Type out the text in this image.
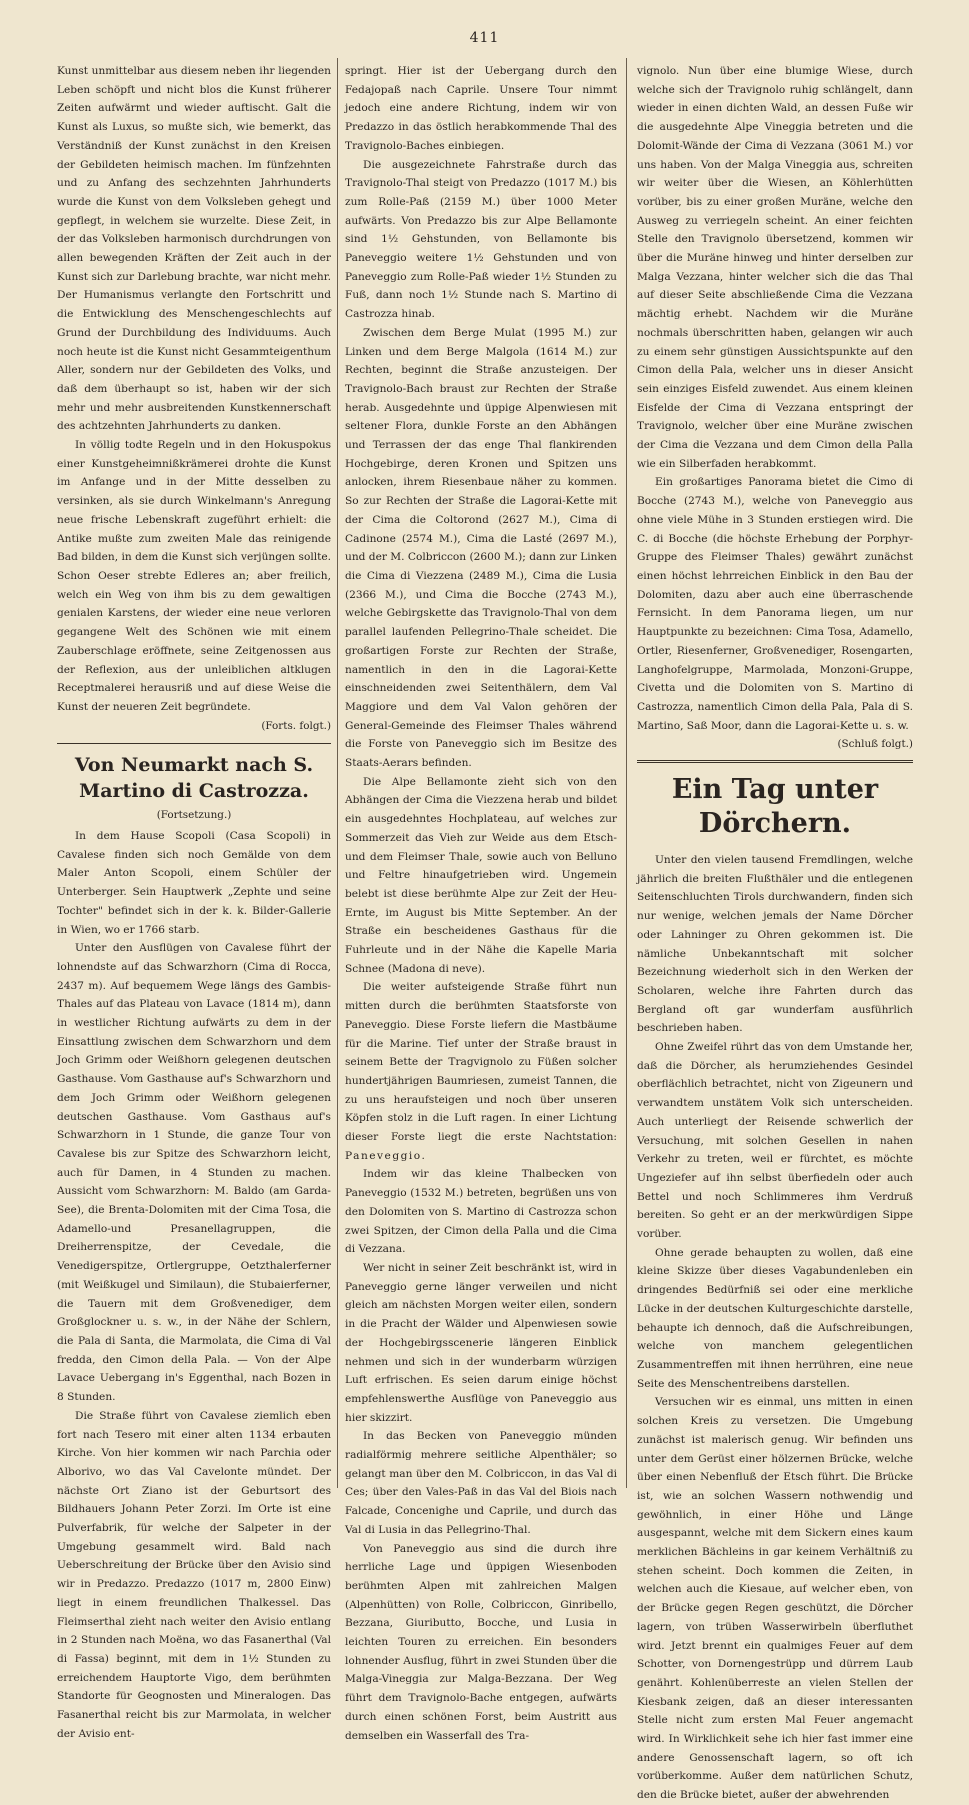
411

Kunst unmittelbar aus diesem neben ihr liegenden Leben schöpft und nicht blos die Kunst früherer Zeiten aufwärmt und wieder auftischt. Galt die Kunst als Luxus, so mußte sich, wie bemerkt, das Verständniß der Kunst zunächst in den Kreisen der Gebildeten heimisch machen. Im fünfzehnten und zu Anfang des sechzehnten Jahrhunderts wurde die Kunst von dem Volksleben gehegt und gepflegt, in welchem sie wurzelte. Diese Zeit, in der das Volksleben harmonisch durchdrungen von allen bewegenden Kräften der Zeit auch in der Kunst sich zur Darlebung brachte, war nicht mehr. Der Humanismus verlangte den Fortschritt und die Entwicklung des Menschengeschlechts auf Grund der Durchbildung des Individuums. Auch noch heute ist die Kunst nicht Gesammteigenthum Aller, sondern nur der Gebildeten des Volks, und daß dem überhaupt so ist, haben wir der sich mehr und mehr ausbreitenden Kunstkennerschaft des achtzehnten Jahrhunderts zu danken.

In völlig todte Regeln und in den Hokuspokus einer Kunstgeheimnißkrämerei drohte die Kunst im Anfange und in der Mitte desselben zu versinken, als sie durch Winkelmann's Anregung neue frische Lebenskraft zugeführt erhielt: die Antike mußte zum zweiten Male das reinigende Bad bilden, in dem die Kunst sich verjüngen sollte. Schon Oeser strebte Edleres an; aber freilich, welch ein Weg von ihm bis zu dem gewaltigen genialen Karstens, der wieder eine neue verloren gegangene Welt des Schönen wie mit einem Zauberschlage eröffnete, seine Zeitgenossen aus der Reflexion, aus der unleiblichen altklugen Receptmalerei herausriß und auf diese Weise die Kunst der neueren Zeit begründete.

(Forts. folgt.)
Von Neumarkt nach S. Martino di Castrozza.
(Fortsetzung.)

In dem Hause Scopoli (Casa Scopoli) in Cavalese finden sich noch Gemälde von dem Maler Anton Scopoli, einem Schüler der Unterberger. Sein Hauptwerk „Zephte und seine Tochter" befindet sich in der k. k. Bilder-Gallerie in Wien, wo er 1766 starb.

Unter den Ausflügen von Cavalese führt der lohnendste auf das Schwarzhorn (Cima di Rocca, 2437 m). Auf bequemem Wege längs des Gambis-Thales auf das Plateau von Lavace (1814 m), dann in westlicher Richtung aufwärts zu dem in der Einsattlung zwischen dem Schwarzhorn und dem Joch Grimm oder Weißhorn gelegenen deutschen Gasthause. Vom Gasthause auf's Schwarzhorn und dem Joch Grimm oder Weißhorn gelegenen deutschen Gasthause. Vom Gasthaus auf's Schwarzhorn in 1 Stunde, die ganze Tour von Cavalese bis zur Spitze des Schwarzhorn leicht, auch für Damen, in 4 Stunden zu machen. Aussicht vom Schwarzhorn: M. Baldo (am Garda-See), die Brenta-Dolomiten mit der Cima Tosa, die Adamello-und Presanellagruppen, die Dreiherrenspitze, der Cevedale, die Venedigerspitze, Ortlergruppe, Oetzthalerferner (mit Weißkugel und Similaun), die Stubaierferner, die Tauern mit dem Großvenediger, dem Großglockner u. s. w., in der Nähe der Schlern, die Pala di Santa, die Marmolata, die Cima di Val fredda, den Cimon della Pala. — Von der Alpe Lavace Uebergang in's Eggenthal, nach Bozen in 8 Stunden.

Die Straße führt von Cavalese ziemlich eben fort nach Tesero mit einer alten 1134 erbauten Kirche. Von hier kommen wir nach Parchia oder Alborivo, wo das Val Cavelonte mündet. Der nächste Ort Ziano ist der Geburtsort des Bildhauers Johann Peter Zorzi. Im Orte ist eine Pulverfabrik, für welche der Salpeter in der Umgebung gesammelt wird. Bald nach Ueberschreitung der Brücke über den Avisio sind wir in Predazzo. Predazzo (1017 m, 2800 Einw) liegt in einem freundlichen Thalkessel. Das Fleimserthal zieht nach weiter den Avisio entlang in 2 Stunden nach Moëna, wo das Fasanerthal (Val di Fassa) beginnt, mit dem in 1½ Stunden zu erreichendem Hauptorte Vigo, dem berühmten Standorte für Geognosten und Mineralogen. Das Fasanerthal reicht bis zur Marmolata, in welcher der Avisio ent-

springt. Hier ist der Uebergang durch den Fedajopaß nach Caprile. Unsere Tour nimmt jedoch eine andere Richtung, indem wir von Predazzo in das östlich herabkommende Thal des Travignolo-Baches einbiegen.

Die ausgezeichnete Fahrstraße durch das Travignolo-Thal steigt von Predazzo (1017 M.) bis zum Rolle-Paß (2159 M.) über 1000 Meter aufwärts. Von Predazzo bis zur Alpe Bellamonte sind 1½ Gehstunden, von Bellamonte bis Paneveggio weitere 1½ Gehstunden und von Paneveggio zum Rolle-Paß wieder 1½ Stunden zu Fuß, dann noch 1½ Stunde nach S. Martino di Castrozza hinab.

Zwischen dem Berge Mulat (1995 M.) zur Linken und dem Berge Malgola (1614 M.) zur Rechten, beginnt die Straße anzusteigen. Der Travignolo-Bach braust zur Rechten der Straße herab. Ausgedehnte und üppige Alpenwiesen mit seltener Flora, dunkle Forste an den Abhängen und Terrassen der das enge Thal flankirenden Hochgebirge, deren Kronen und Spitzen uns anlocken, ihrem Riesenbaue näher zu kommen. So zur Rechten der Straße die Lagorai-Kette mit der Cima die Coltorond (2627 M.), Cima di Cadinone (2574 M.), Cima die Lasté (2697 M.), und der M. Colbriccon (2600 M.); dann zur Linken die Cima di Viezzena (2489 M.), Cima die Lusia (2366 M.), und Cima die Bocche (2743 M.), welche Gebirgskette das Travignolo-Thal von dem parallel laufenden Pellegrino-Thale scheidet. Die großartigen Forste zur Rechten der Straße, namentlich in den in die Lagorai-Kette einschneidenden zwei Seitenthälern, dem Val Maggiore und dem Val Valon gehören der General-Gemeinde des Fleimser Thales während die Forste von Paneveggio sich im Besitze des Staats-Aerars befinden.

Die Alpe Bellamonte zieht sich von den Abhängen der Cima die Viezzena herab und bildet ein ausgedehntes Hochplateau, auf welches zur Sommerzeit das Vieh zur Weide aus dem Etsch- und dem Fleimser Thale, sowie auch von Belluno und Feltre hinaufgetrieben wird. Ungemein belebt ist diese berühmte Alpe zur Zeit der Heu-Ernte, im August bis Mitte September. An der Straße ein bescheidenes Gasthaus für die Fuhrleute und in der Nähe die Kapelle Maria Schnee (Madona di neve).

Die weiter aufsteigende Straße führt nun mitten durch die berühmten Staatsforste von Paneveggio. Diese Forste liefern die Mastbäume für die Marine. Tief unter der Straße braust in seinem Bette der Tragvignolo zu Füßen solcher hundertjährigen Baumriesen, zumeist Tannen, die zu uns heraufsteigen und noch über unseren Köpfen stolz in die Luft ragen. In einer Lichtung dieser Forste liegt die erste Nachtstation: Paneveggio.

Indem wir das kleine Thalbecken von Paneveggio (1532 M.) betreten, begrüßen uns von den Dolomiten von S. Martino di Castrozza schon zwei Spitzen, der Cimon della Palla und die Cima di Vezzana.

Wer nicht in seiner Zeit beschränkt ist, wird in Paneveggio gerne länger verweilen und nicht gleich am nächsten Morgen weiter eilen, sondern in die Pracht der Wälder und Alpenwiesen sowie der Hochgebirgsscenerie längeren Einblick nehmen und sich in der wunderbarm würzigen Luft erfrischen. Es seien darum einige höchst empfehlenswerthe Ausflüge von Paneveggio aus hier skizzirt.

In das Becken von Paneveggio münden radialförmig mehrere seitliche Alpenthäler; so gelangt man über den M. Colbriccon, in das Val di Ces; über den Vales-Paß in das Val del Biois nach Falcade, Concenighe und Caprile, und durch das Val di Lusia in das Pellegrino-Thal.

Von Paneveggio aus sind die durch ihre herrliche Lage und üppigen Wiesenboden berühmten Alpen mit zahlreichen Malgen (Alpenhütten) von Rolle, Colbriccon, Ginribello, Bezzana, Giuributto, Bocche, und Lusia in leichten Touren zu erreichen. Ein besonders lohnender Ausflug, führt in zwei Stunden über die Malga-Vineggia zur Malga-Bezzana. Der Weg führt dem Travignolo-Bache entgegen, aufwärts durch einen schönen Forst, beim Austritt aus demselben ein Wasserfall des Tra-

vignolo. Nun über eine blumige Wiese, durch welche sich der Travignolo ruhig schlängelt, dann wieder in einen dichten Wald, an dessen Fuße wir die ausgedehnte Alpe Vineggia betreten und die Dolomit-Wände der Cima di Vezzana (3061 M.) vor uns haben. Von der Malga Vineggia aus, schreiten wir weiter über die Wiesen, an Köhlerhütten vorüber, bis zu einer großen Muräne, welche den Ausweg zu verriegeln scheint. An einer feichten Stelle den Travignolo übersetzend, kommen wir über die Muräne hinweg und hinter derselben zur Malga Vezzana, hinter welcher sich die das Thal auf dieser Seite abschließende Cima die Vezzana mächtig erhebt. Nachdem wir die Muräne nochmals überschritten haben, gelangen wir auch zu einem sehr günstigen Aussichtspunkte auf den Cimon della Pala, welcher uns in dieser Ansicht sein einziges Eisfeld zuwendet. Aus einem kleinen Eisfelde der Cima di Vezzana entspringt der Travignolo, welcher über eine Muräne zwischen der Cima die Vezzana und dem Cimon della Palla wie ein Silberfaden herabkommt.

Ein großartiges Panorama bietet die Cimo di Bocche (2743 M.), welche von Paneveggio aus ohne viele Mühe in 3 Stunden erstiegen wird. Die C. di Bocche (die höchste Erhebung der Porphyr-Gruppe des Fleimser Thales) gewährt zunächst einen höchst lehrreichen Einblick in den Bau der Dolomiten, dazu aber auch eine überraschende Fernsicht. In dem Panorama liegen, um nur Hauptpunkte zu bezeichnen: Cima Tosa, Adamello, Ortler, Riesenferner, Großvenediger, Rosengarten, Langhofelgruppe, Marmolada, Monzoni-Gruppe, Civetta und die Dolomiten von S. Martino di Castrozza, namentlich Cimon della Pala, Pala di S. Martino, Saß Moor, dann die Lagorai-Kette u. s. w.

(Schluß folgt.)
Ein Tag unter Dörchern.

Unter den vielen tausend Fremdlingen, welche jährlich die breiten Flußthäler und die entlegenen Seitenschluchten Tirols durchwandern, finden sich nur wenige, welchen jemals der Name Dörcher oder Lahninger zu Ohren gekommen ist. Die nämliche Unbekanntschaft mit solcher Bezeichnung wiederholt sich in den Werken der Scholaren, welche ihre Fahrten durch das Bergland oft gar wunderfam ausführlich beschrieben haben.

Ohne Zweifel rührt das von dem Umstande her, daß die Dörcher, als herumziehendes Gesindel oberflächlich betrachtet, nicht von Zigeunern und verwandtem unstätem Volk sich unterscheiden. Auch unterliegt der Reisende schwerlich der Versuchung, mit solchen Gesellen in nahen Verkehr zu treten, weil er fürchtet, es möchte Ungeziefer auf ihn selbst überfiedeln oder auch Bettel und noch Schlimmeres ihm Verdruß bereiten. So geht er an der merkwürdigen Sippe vorüber.

Ohne gerade behaupten zu wollen, daß eine kleine Skizze über dieses Vagabundenleben ein dringendes Bedürfniß sei oder eine merkliche Lücke in der deutschen Kulturgeschichte darstelle, behaupte ich dennoch, daß die Aufschreibungen, welche von manchem gelegentlichen Zusammentreffen mit ihnen herrühren, eine neue Seite des Menschentreibens darstellen.

Versuchen wir es einmal, uns mitten in einen solchen Kreis zu versetzen. Die Umgebung zunächst ist malerisch genug. Wir befinden uns unter dem Gerüst einer hölzernen Brücke, welche über einen Nebenfluß der Etsch führt. Die Brücke ist, wie an solchen Wassern nothwendig und gewöhnlich, in einer Höhe und Länge ausgespannt, welche mit dem Sickern eines kaum merklichen Bächleins in gar keinem Verhältniß zu stehen scheint. Doch kommen die Zeiten, in welchen auch die Kiesaue, auf welcher eben, von der Brücke gegen Regen geschützt, die Dörcher lagern, von trüben Wasserwirbeln überfluthet wird. Jetzt brennt ein qualmiges Feuer auf dem Schotter, von Dornengestrüpp und dürrem Laub genährt. Kohlenüberreste an vielen Stellen der Kiesbank zeigen, daß an dieser interessanten Stelle nicht zum ersten Mal Feuer angemacht wird. In Wirklichkeit sehe ich hier fast immer eine andere Genossenschaft lagern, so oft ich vorüberkomme. Außer dem natürlichen Schutz, den die Brücke bietet, außer der abwehrenden
